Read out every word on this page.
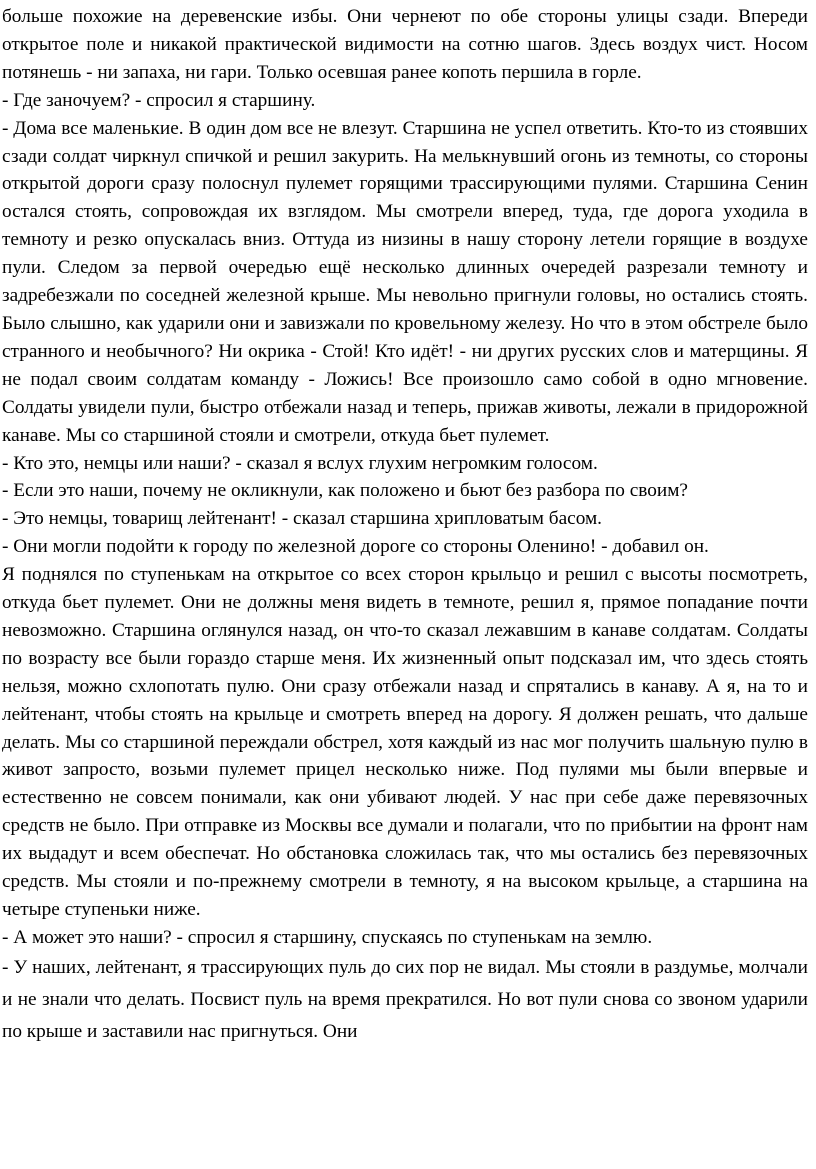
больше похожие на деревенские избы. Они чернеют по обе стороны улицы сзади. Впереди открытое поле и никакой практической видимости на сотню шагов. Здесь воздух чист. Носом потянешь - ни запаха, ни гари. Только осевшая ранее копоть першила в горле.

- Где заночуем? - спросил я старшину.

- Дома все маленькие. В один дом все не влезут. Старшина не успел ответить. Кто-то из стоявших сзади солдат чиркнул спичкой и решил закурить. На мелькнувший огонь из темноты, со стороны открытой дороги сразу полоснул пулемет горящими трассирующими пулями. Старшина Сенин остался стоять, сопровождая их взглядом. Мы смотрели вперед, туда, где дорога уходила в темноту и резко опускалась вниз. Оттуда из низины в нашу сторону летели горящие в воздухе пули. Следом за первой очередью ещё несколько длинных очередей разрезали темноту и задребезжали по соседней железной крыше. Мы невольно пригнули головы, но остались стоять. Было слышно, как ударили они и завизжали по кровельному железу. Но что в этом обстреле было странного и необычного? Ни окрика - Стой! Кто идёт! - ни других русских слов и матерщины. Я не подал своим солдатам команду - Ложись! Все произошло само собой в одно мгновение. Солдаты увидели пули, быстро отбежали назад и теперь, прижав животы, лежали в придорожной канаве. Мы со старшиной стояли и смотрели, откуда бьет пулемет.

- Кто это, немцы или наши? - сказал я вслух глухим негромким голосом.

- Если это наши, почему не окликнули, как положено и бьют без разбора по своим?

- Это немцы, товарищ лейтенант! - сказал старшина хрипловатым басом.

- Они могли подойти к городу по железной дороге со стороны Оленино! - добавил он.

Я поднялся по ступенькам на открытое со всех сторон крыльцо и решил с высоты посмотреть, откуда бьет пулемет. Они не должны меня видеть в темноте, решил я, прямое попадание почти невозможно. Старшина оглянулся назад, он что-то сказал лежавшим в канаве солдатам. Солдаты по возрасту все были гораздо старше меня. Их жизненный опыт подсказал им, что здесь стоять нельзя, можно схлопотать пулю. Они сразу отбежали назад и спрятались в канаву. А я, на то и лейтенант, чтобы стоять на крыльце и смотреть вперед на дорогу. Я должен решать, что дальше делать. Мы со старшиной переждали обстрел, хотя каждый из нас мог получить шальную пулю в живот запросто, возьми пулемет прицел несколько ниже. Под пулями мы были впервые и естественно не совсем понимали, как они убивают людей. У нас при себе даже перевязочных средств не было. При отправке из Москвы все думали и полагали, что по прибытии на фронт нам их выдадут и всем обеспечат. Но обстановка сложилась так, что мы остались без перевязочных средств. Мы стояли и по-прежнему смотрели в темноту, я на высоком крыльце, а старшина на четыре ступеньки ниже.

- А может это наши? - спросил я старшину, спускаясь по ступенькам на землю.

- У наших, лейтенант, я трассирующих пуль до сих пор не видал. Мы стояли в раздумье, молчали и не знали что делать. Посвист пуль на время прекратился. Но вот пули снова со звоном ударили по крыше и заставили нас пригнуться. Они
